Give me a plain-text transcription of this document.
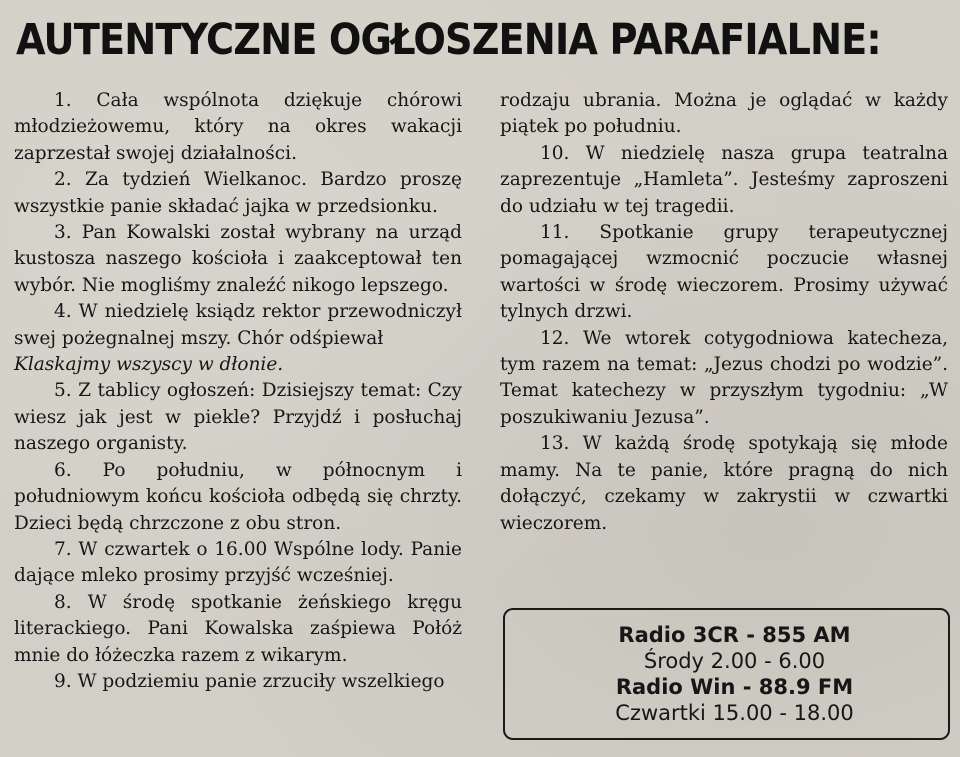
AUTENTYCZNE OGŁOSZENIA PARAFIALNE:

1. Cała wspólnota dziękuje chórowi młodzieżowemu, który na okres wakacji zaprzestał swojej działalności.

2. Za tydzień Wielkanoc. Bardzo proszę wszystkie panie składać jajka w przedsionku.

3. Pan Kowalski został wybrany na urząd kustosza naszego kościoła i zaakceptował ten wybór. Nie mogliśmy znaleźć nikogo lepszego.

4. W niedzielę ksiądz rektor przewodniczył swej pożegnalnej mszy. Chór odśpiewał

Klaskajmy wszyscy w dłonie.

5. Z tablicy ogłoszeń: Dzisiejszy temat: Czy wiesz jak jest w piekle? Przyjdź i posłuchaj naszego organisty.

6. Po południu, w północnym i południowym końcu kościoła odbędą się chrzty. Dzieci będą chrzczone z obu stron.

7. W czwartek o 16.00 Wspólne lody. Panie dające mleko prosimy przyjść wcześniej.

8. W środę spotkanie żeńskiego kręgu literackiego. Pani Kowalska zaśpiewa Połóż mnie do łóżeczka razem z wikarym.

9. W podziemiu panie zrzuciły wszelkiego

rodzaju ubrania. Można je oglądać w każdy piątek po południu.

10. W niedzielę nasza grupa teatralna zaprezentuje „Hamleta”. Jesteśmy zaproszeni do udziału w tej tragedii.

11. Spotkanie grupy terapeutycznej pomagającej wzmocnić poczucie własnej wartości w środę wieczorem. Prosimy używać tylnych drzwi.

12. We wtorek cotygodniowa katecheza, tym razem na temat: „Jezus chodzi po wodzie”. Temat katechezy w przyszłym tygodniu: „W poszukiwaniu Jezusa”.

13. W każdą środę spotykają się młode mamy. Na te panie, które pragną do nich dołączyć, czekamy w zakrystii w czwartki wieczorem.

Radio 3CR - 855 AM
Środy 2.00 - 6.00
Radio Win - 88.9 FM
Czwartki 15.00 - 18.00
